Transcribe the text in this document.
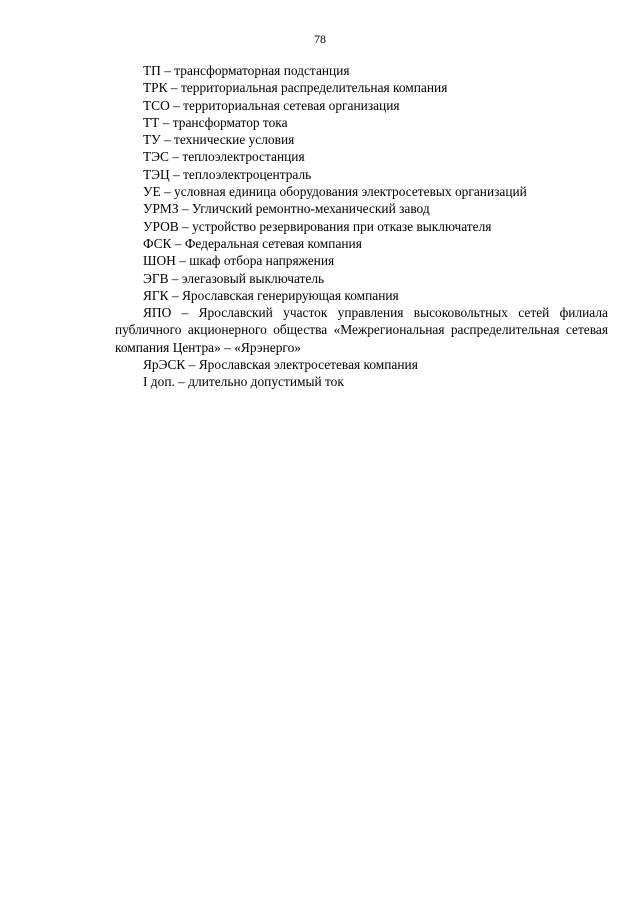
78
ТП – трансформаторная подстанция
ТРК – территориальная распределительная компания
ТСО – территориальная сетевая организация
ТТ – трансформатор тока
ТУ – технические условия
ТЭС – теплоэлектростанция
ТЭЦ – теплоэлектроцентраль
УЕ – условная единица оборудования электросетевых организаций
УРМЗ – Угличский ремонтно-механический завод
УРОВ – устройство резервирования при отказе выключателя
ФСК – Федеральная сетевая компания
ШОН – шкаф отбора напряжения
ЭГВ – элегазовый выключатель
ЯГК – Ярославская генерирующая компания
ЯПО – Ярославский участок управления высоковольтных сетей филиала публичного акционерного общества «Межрегиональная распределительная сетевая компания Центра» – «Ярэнерго»
ЯрЭСК – Ярославская электросетевая компания
I доп. – длительно допустимый ток
